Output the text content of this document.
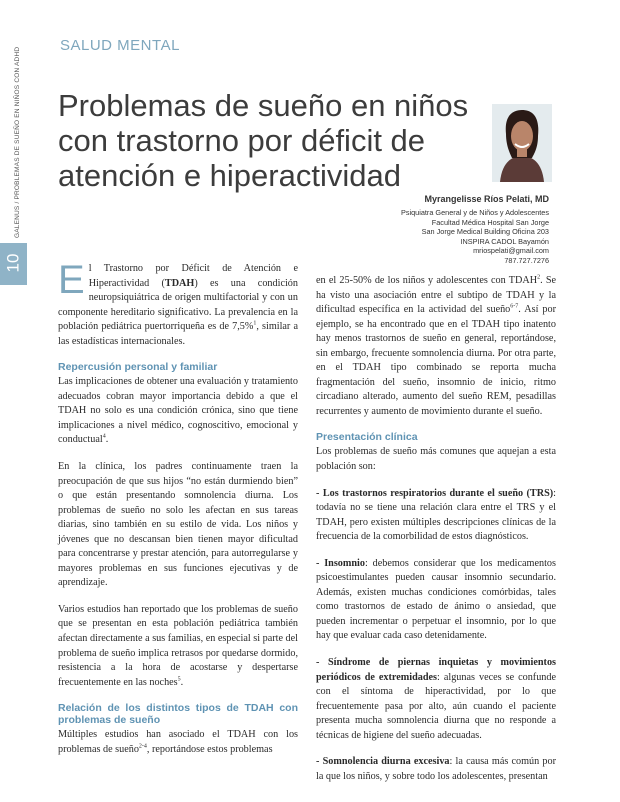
10
GALENUS / PROBLEMAS DE SUEÑO EN NIÑOS CON ADHD
SALUD MENTAL
Problemas de sueño en niños con trastorno por déficit de atención e hiperactividad
Myrangelisse Ríos Pelati, MD
Psiquiatra General y de Niños y Adolescentes
Facultad Médica Hospital San Jorge
San Jorge Medical Building Oficina 203
INSPIRA CADOL Bayamón
mriospelati@gmail.com
787.727.7276

El Trastorno por Déficit de Atención e Hiperactividad (TDAH) es una condición neuropsiquiátrica de origen multifactorial y con un componente hereditario significativo. La prevalencia en la población pediátrica puertorriqueña es de 7,5%$^1$, similar a las estadísticas internacionales.

Repercusión personal y familiar

Las implicaciones de obtener una evaluación y tratamiento adecuados cobran mayor importancia debido a que el TDAH no solo es una condición crónica, sino que tiene implicaciones a nivel médico, cognoscitivo, emocional y conductual$^4$.

En la clínica, los padres continuamente traen la preocupación de que sus hijos “no están durmiendo bien” o que están presentando somnolencia diurna. Los problemas de sueño no solo les afectan en sus tareas diarias, sino también en su estilo de vida. Los niños y jóvenes que no descansan bien tienen mayor dificultad para concentrarse y prestar atención, para autorregularse y mayores problemas en sus funciones ejecutivas y de aprendizaje.

Varios estudios han reportado que los problemas de sueño que se presentan en esta población pediátrica también afectan directamente a sus familias, en especial si parte del problema de sueño implica retrasos por quedarse dormido, resistencia a la hora de acostarse y despertarse frecuentemente en las noches$^5$.

Relación de los distintos tipos de TDAH con problemas de sueño

Múltiples estudios han asociado el TDAH con los problemas de sueño$^{2-4}$, reportándose estos problemas

en el 25-50% de los niños y adolescentes con TDAH$^2$. Se ha visto una asociación entre el subtipo de TDAH y la dificultad específica en la actividad del sueño$^{6-7}$. Así por ejemplo, se ha encontrado que en el TDAH tipo inatento hay menos trastornos de sueño en general, reportándose, sin embargo, frecuente somnolencia diurna. Por otra parte, en el TDAH tipo combinado se reporta mucha fragmentación del sueño, insomnio de inicio, ritmo circadiano alterado, aumento del sueño REM, pesadillas recurrentes y aumento de movimiento durante el sueño.

Presentación clínica

Los problemas de sueño más comunes que aquejan a esta población son:

- Los trastornos respiratorios durante el sueño (TRS): todavía no se tiene una relación clara entre el TRS y el TDAH, pero existen múltiples descripciones clínicas de la frecuencia de la comorbilidad de estos diagnósticos.

- Insomnio: debemos considerar que los medicamentos psicoestimulantes pueden causar insomnio secundario. Además, existen muchas condiciones comórbidas, tales como trastornos de estado de ánimo o ansiedad, que pueden incrementar o perpetuar el insomnio, por lo que hay que evaluar cada caso detenidamente.

- Síndrome de piernas inquietas y movimientos periódicos de extremidades: algunas veces se confunde con el síntoma de hiperactividad, por lo que frecuentemente pasa por alto, aún cuando el paciente presenta mucha somnolencia diurna que no responde a técnicas de higiene del sueño adecuadas.

- Somnolencia diurna excesiva: la causa más común por la que los niños, y sobre todo los adolescentes, presentan
